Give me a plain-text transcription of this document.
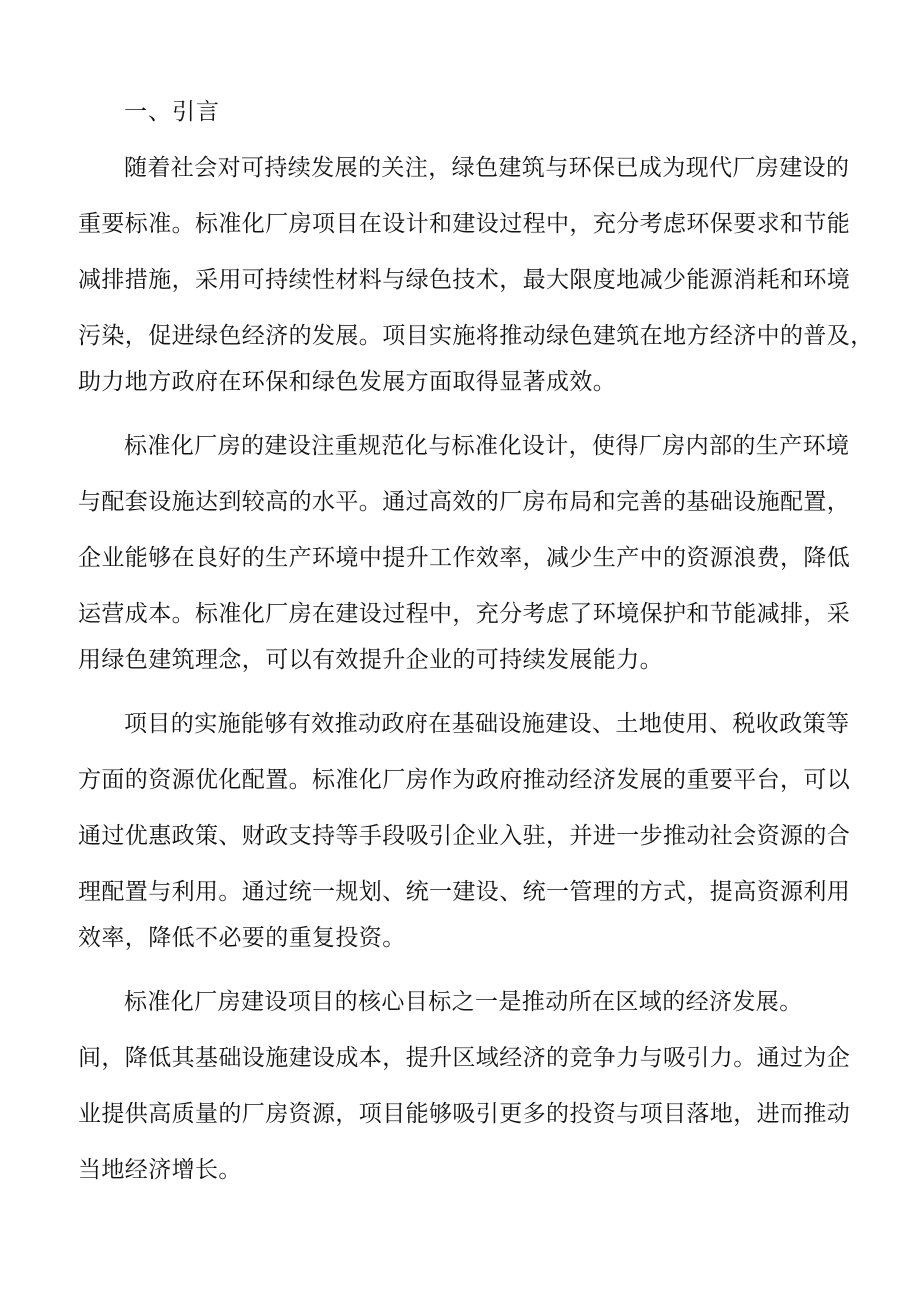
一、引言
随着社会对可持续发展的关注，绿色建筑与环保已成为现代厂房建设的
重要标准。标准化厂房项目在设计和建设过程中，充分考虑环保要求和节能
减排措施，采用可持续性材料与绿色技术，最大限度地减少能源消耗和环境
污染，促进绿色经济的发展。项目实施将推动绿色建筑在地方经济中的普及，
助力地方政府在环保和绿色发展方面取得显著成效。
标准化厂房的建设注重规范化与标准化设计，使得厂房内部的生产环境
与配套设施达到较高的水平。通过高效的厂房布局和完善的基础设施配置，
企业能够在良好的生产环境中提升工作效率，减少生产中的资源浪费，降低
运营成本。标准化厂房在建设过程中，充分考虑了环境保护和节能减排，采
用绿色建筑理念，可以有效提升企业的可持续发展能力。
项目的实施能够有效推动政府在基础设施建设、土地使用、税收政策等
方面的资源优化配置。标准化厂房作为政府推动经济发展的重要平台，可以
通过优惠政策、财政支持等手段吸引企业入驻，并进一步推动社会资源的合
理配置与利用。通过统一规划、统一建设、统一管理的方式，提高资源利用
效率，降低不必要的重复投资。
标准化厂房建设项目的核心目标之一是推动所在区域的经济发展。
间，降低其基础设施建设成本，提升区域经济的竞争力与吸引力。通过为企
业提供高质量的厂房资源，项目能够吸引更多的投资与项目落地，进而推动
当地经济增长。
